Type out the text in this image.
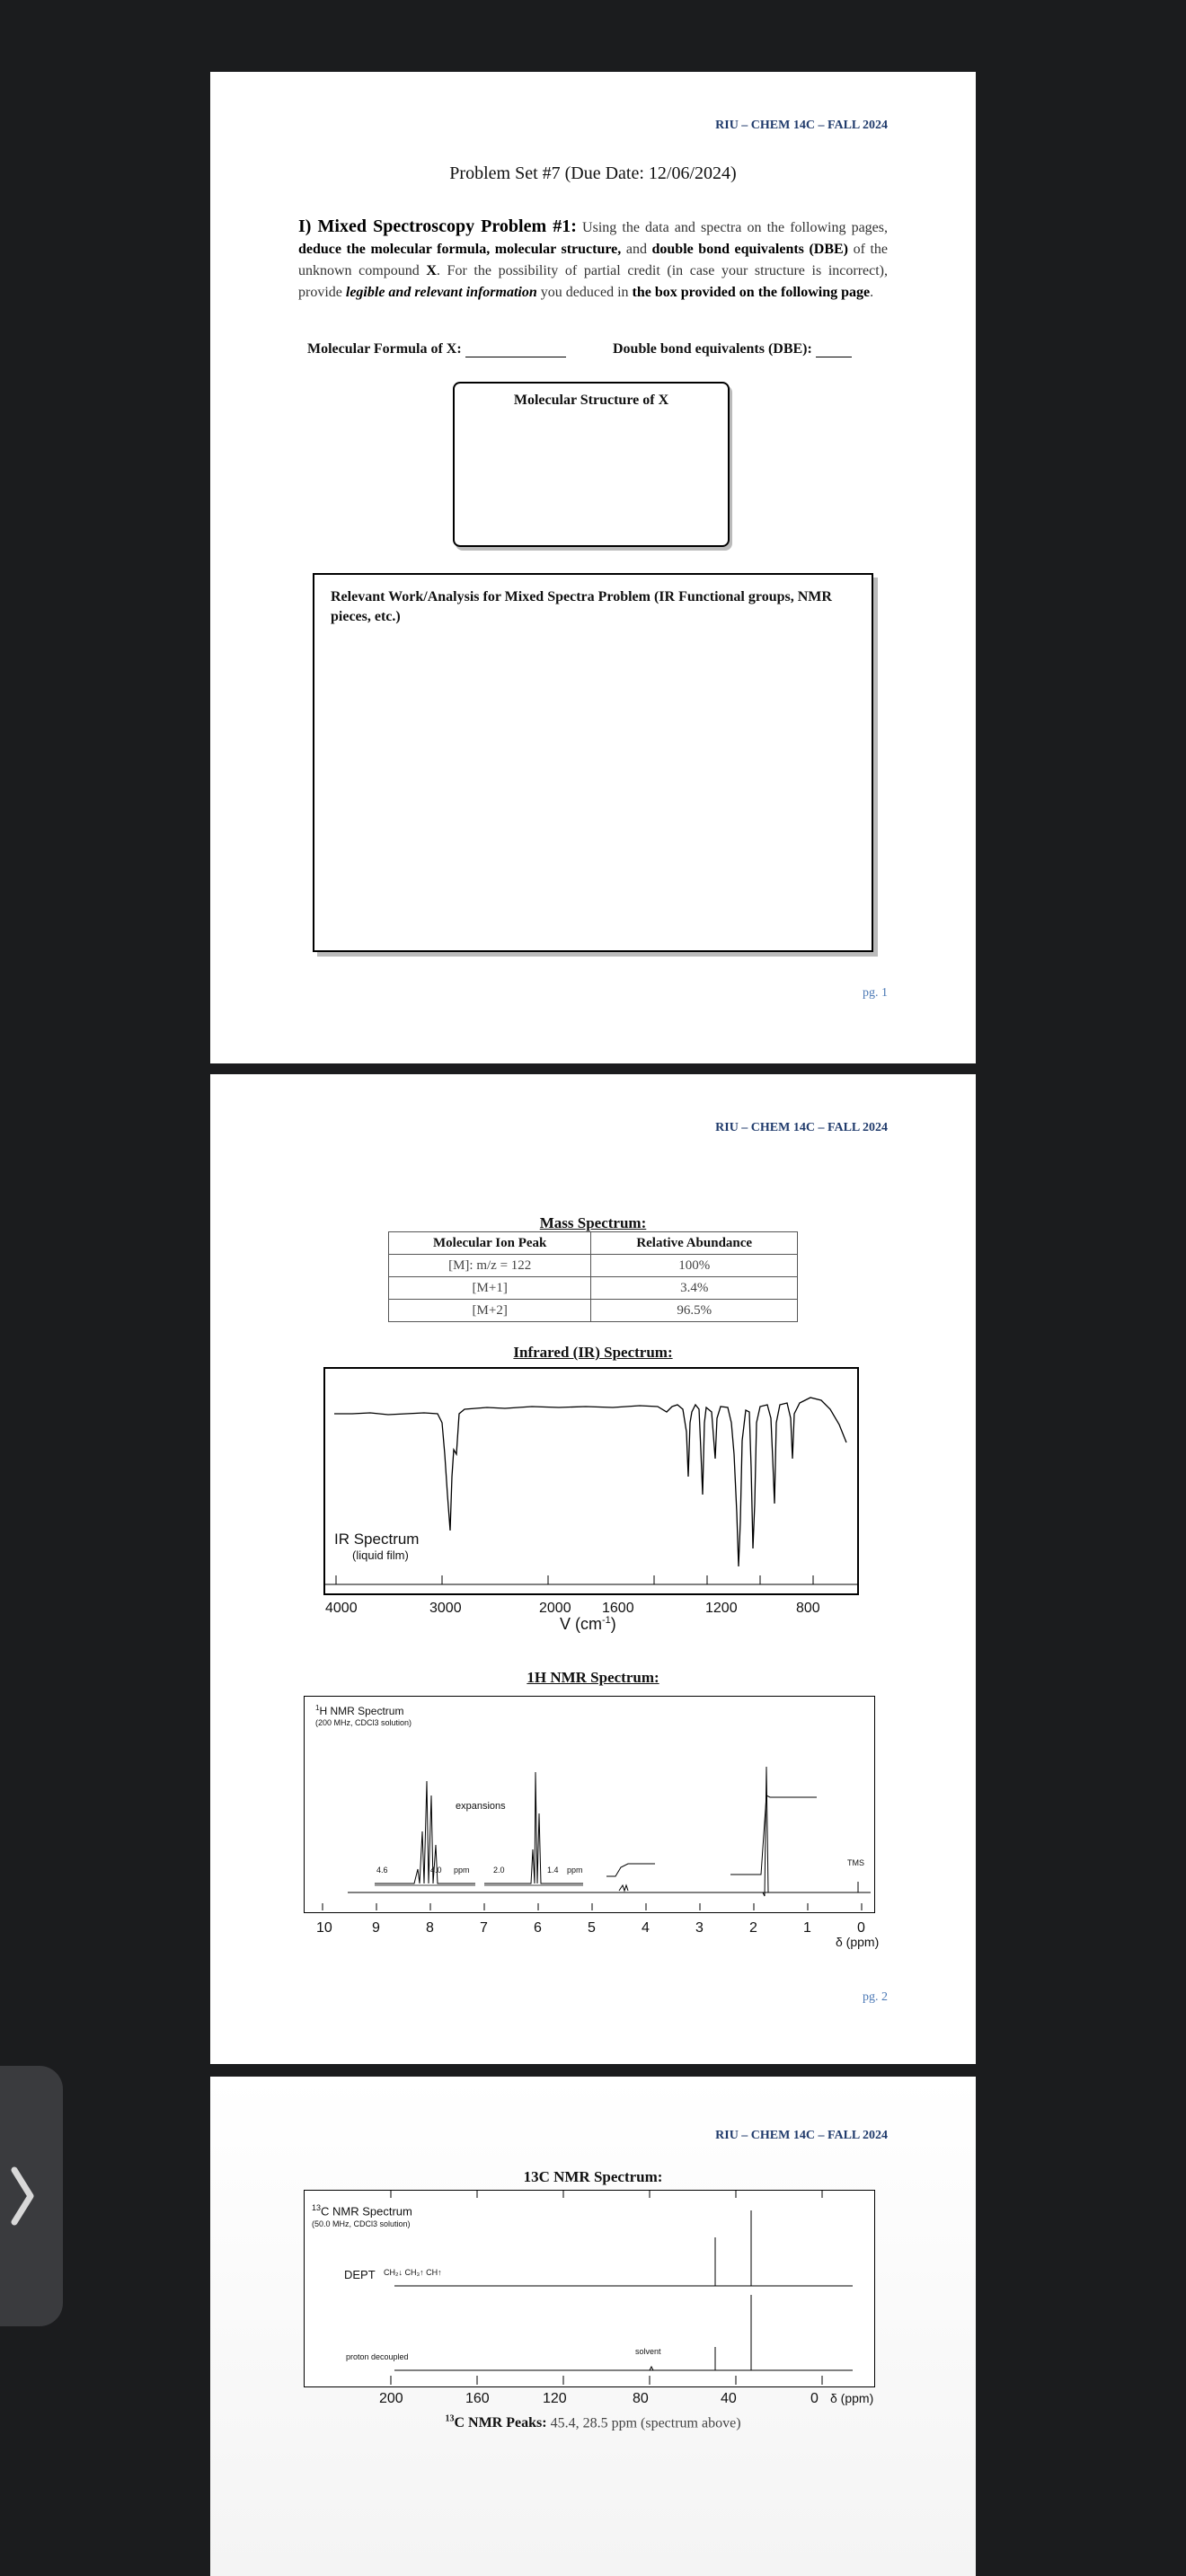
RIU – CHEM 14C – FALL 2024
Problem Set #7 (Due Date: 12/06/2024)
I) Mixed Spectroscopy Problem #1: Using the data and spectra on the following pages, deduce the molecular formula, molecular structure, and double bond equivalents (DBE) of the unknown compound X. For the possibility of partial credit (in case your structure is incorrect), provide legible and relevant information you deduced in the box provided on the following page.
Molecular Formula of X:	Double bond equivalents (DBE):
Molecular Structure of X
Relevant Work/Analysis for Mixed Spectra Problem (IR Functional groups, NMR pieces, etc.)
pg. 1
RIU – CHEM 14C – FALL 2024
Mass Spectrum:
Molecular Ion Peak	Relative Abundance
[M]: m/z = 122	100%
[M+1]	3.4%
[M+2]	96.5%
Infrared (IR) Spectrum:
IR Spectrum
(liquid film)
4000	3000	2000 1600	1200	800
V $(cm^{-1})$
1H NMR Spectrum:
$^1$H NMR Spectrum
(200 MHz, CDCl3 solution)
expansions
4.6	4.0 ppm	2.0	1.4 ppm
TMS
10	9	8	7	6	5	4	3	2	1	0
δ (ppm)
pg. 2
RIU – CHEM 14C – FALL 2024
13C NMR Spectrum:
$^{13}$C NMR Spectrum
(50.0 MHz, CDCl3 solution)
DEPT CH₂↓ CH₃↑ CH↑
proton decoupled
solvent
200	160	120	80	40	0 δ (ppm)
$^{13}$C NMR Peaks: 45.4, 28.5 ppm (spectrum above)
